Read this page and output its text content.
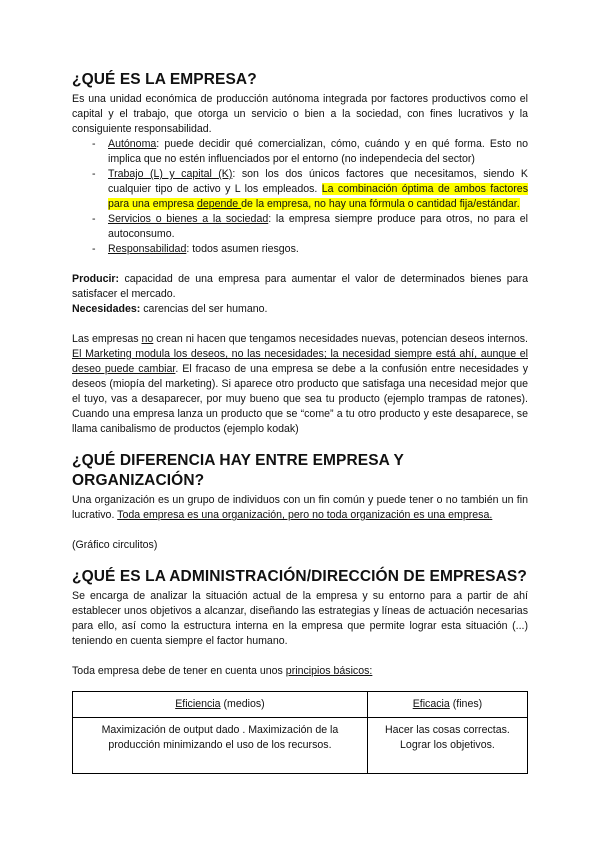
¿QUÉ ES LA EMPRESA?

Es una unidad económica de producción autónoma integrada por factores productivos como el capital y el trabajo, que otorga un servicio o bien a la sociedad, con fines lucrativos y la consiguiente responsabilidad.

- Autónoma: puede decidir qué comercializan, cómo, cuándo y en qué forma. Esto no implica que no estén influenciados por el entorno (no independecia del sector)
- Trabajo (L) y capital (K): son los dos únicos factores que necesitamos, siendo K cualquier tipo de activo y L los empleados. La combinación óptima de ambos factores para una empresa depende de la empresa, no hay una fórmula o cantidad fija/estándar.
- Servicios o bienes a la sociedad: la empresa siempre produce para otros, no para el autoconsumo.
- Responsabilidad: todos asumen riesgos.

Producir: capacidad de una empresa para aumentar el valor de determinados bienes para satisfacer el mercado.

Necesidades: carencias del ser humano.

Las empresas no crean ni hacen que tengamos necesidades nuevas, potencian deseos internos. El Marketing modula los deseos, no las necesidades; la necesidad siempre está ahí, aunque el deseo puede cambiar. El fracaso de una empresa se debe a la confusión entre necesidades y deseos (miopía del marketing). Si aparece otro producto que satisfaga una necesidad mejor que el tuyo, vas a desaparecer, por muy bueno que sea tu producto (ejemplo trampas de ratones). Cuando una empresa lanza un producto que se “come” a tu otro producto y este desaparece, se llama canibalismo de productos (ejemplo kodak)

¿QUÉ DIFERENCIA HAY ENTRE EMPRESA Y ORGANIZACIÓN?

Una organización es un grupo de individuos con un fin común y puede tener o no también un fin lucrativo. Toda empresa es una organización, pero no toda organización es una empresa.

(Gráfico circulitos)

¿QUÉ ES LA ADMINISTRACIÓN/DIRECCIÓN DE EMPRESAS?

Se encarga de analizar la situación actual de la empresa y su entorno para a partir de ahí establecer unos objetivos a alcanzar, diseñando las estrategias y líneas de actuación necesarias para ello, así como la estructura interna en la empresa que permite lograr esta situación (...) teniendo en cuenta siempre el factor humano.

Toda empresa debe de tener en cuenta unos principios básicos:

Eficiencia (medios)	Eficacia (fines)
Maximización de output dado . Maximización de la producción minimizando el uso de los recursos.	Hacer las cosas correctas. Lograr los objetivos.
